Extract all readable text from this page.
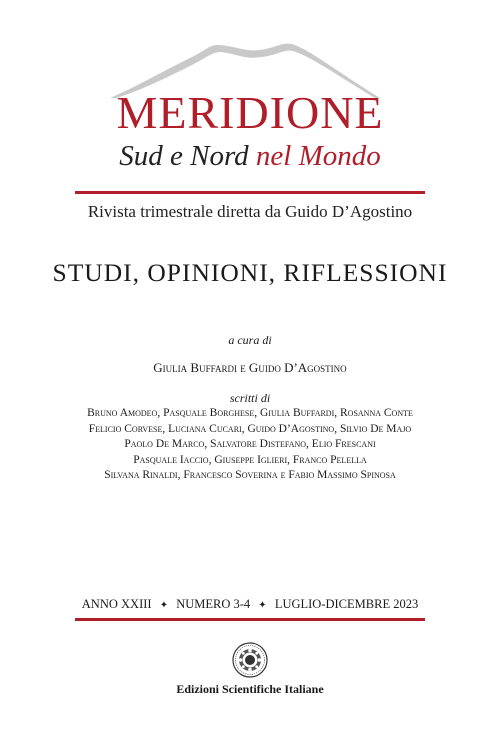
MERIDIONE
Sud e Nord nel Mondo
Rivista trimestrale diretta da Guido D’Agostino
STUDI, OPINIONI, RIFLESSIONI
a cura di
Giulia Buffardi e Guido D’Agostino
scritti di
Bruno Amodeo, Pasquale Borghese, Giulia Buffardi, Rosanna Conte
Felicio Corvese, Luciana Cucari, Guido D’Agostino, Silvio De Majo
Paolo De Marco, Salvatore Distefano, Elio Frescani
Pasquale Iaccio, Giuseppe Iglieri, Franco Pelella
Silvana Rinaldi, Francesco Soverina e Fabio Massimo Spinosa
ANNO XXIII ✦ NUMERO 3-4 ✦ LUGLIO-DICEMBRE 2023
Edizioni Scientifiche Italiane
